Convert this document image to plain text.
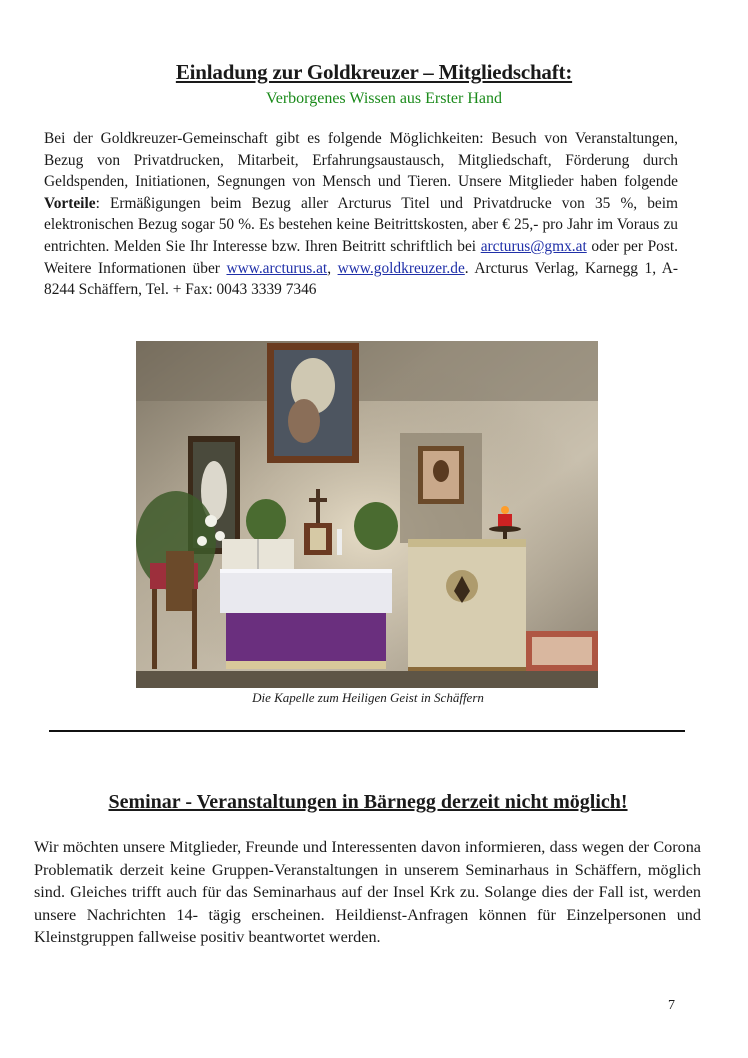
Einladung zur Goldkreuzer – Mitgliedschaft:
Verborgenes Wissen aus Erster Hand
Bei der Goldkreuzer-Gemeinschaft gibt es folgende Möglichkeiten: Besuch von Veranstaltungen, Bezug von Privatdrucken, Mitarbeit, Erfahrungsaustausch, Mitgliedschaft, Förderung durch Geldspenden, Initiationen, Segnungen von Mensch und Tieren. Unsere Mitglieder haben folgende Vorteile: Ermäßigungen beim Bezug aller Arcturus Titel und Privatdrucke von 35 %, beim elektronischen Bezug sogar 50 %. Es bestehen keine Beitrittskosten, aber € 25,- pro Jahr im Voraus zu entrichten. Melden Sie Ihr Interesse bzw. Ihren Beitritt schriftlich bei arcturus@gmx.at oder per Post. Weitere Informationen über www.arcturus.at, www.goldkreuzer.de. Arcturus Verlag, Karnegg 1, A-8244 Schäffern, Tel. + Fax: 0043 3339 7346
Die Kapelle zum Heiligen Geist in Schäffern
Seminar - Veranstaltungen in Bärnegg derzeit nicht möglich!
Wir möchten unsere Mitglieder, Freunde und Interessenten davon informieren, dass wegen der Corona Problematik derzeit keine Gruppen-Veranstaltungen in unserem Seminarhaus in Schäffern, möglich sind. Gleiches trifft auch für das Seminarhaus auf der Insel Krk zu. Solange dies der Fall ist, werden unsere Nachrichten 14- tägig erscheinen. Heildienst-Anfragen können für Einzelpersonen und Kleinstgruppen fallweise positiv beantwortet werden.
7
